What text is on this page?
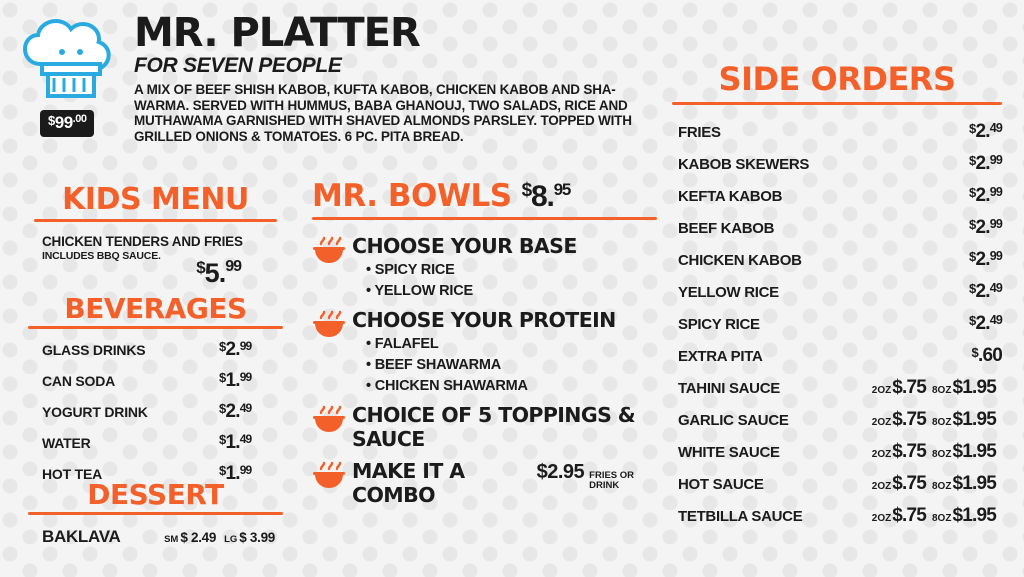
$^{\$}99^{.00}$
MR. PLATTER
FOR SEVEN PEOPLE

A MIX OF BEEF SHISH KABOB, KUFTA KABOB, CHICKEN KABOB AND SHA-WARMA. SERVED WITH HUMMUS, BABA GHANOUJ, TWO SALADS, RICE AND MUTHAWAMA GARNISHED WITH SHAVED ALMONDS PARSLEY. TOPPED WITH GRILLED ONIONS & TOMATOES. 6 PC. PITA BREAD.

KIDS MENU
CHICKEN TENDERS AND FRIES
INCLUDES BBQ SAUCE.
$5.99
BEVERAGES
GLASS DRINKS	$2.99
CAN SODA	$1.99
YOGURT DRINK	$2.49
WATER	$1.49
HOT TEA	$1.99
DESSERT
BAKLAVA	SM $ 2.49 LG $ 3.99
MR. BOWLS $8.95
CHOOSE YOUR BASE
• SPICY RICE
• YELLOW RICE
CHOOSE YOUR PROTEIN
• FALAFEL
• BEEF SHAWARMA
• CHICKEN SHAWARMA
CHOICE OF 5 TOPPINGS & SAUCE
MAKE IT A COMBO
$2.95 FRIES OR DRINK
SIDE ORDERS
FRIES	$2.49
KABOB SKEWERS	$2.99
KEFTA KABOB	$2.99
BEEF KABOB	$2.99
CHICKEN KABOB	$2.99
YELLOW RICE	$2.49
SPICY RICE	$2.49
EXTRA PITA	$.60
TAHINI SAUCE	2OZ $.75 8OZ $1.95
GARLIC SAUCE	2OZ $.75 8OZ $1.95
WHITE SAUCE	2OZ $.75 8OZ $1.95
HOT SAUCE	2OZ $.75 8OZ $1.95
TETBILLA SAUCE	2OZ $.75 8OZ $1.95
